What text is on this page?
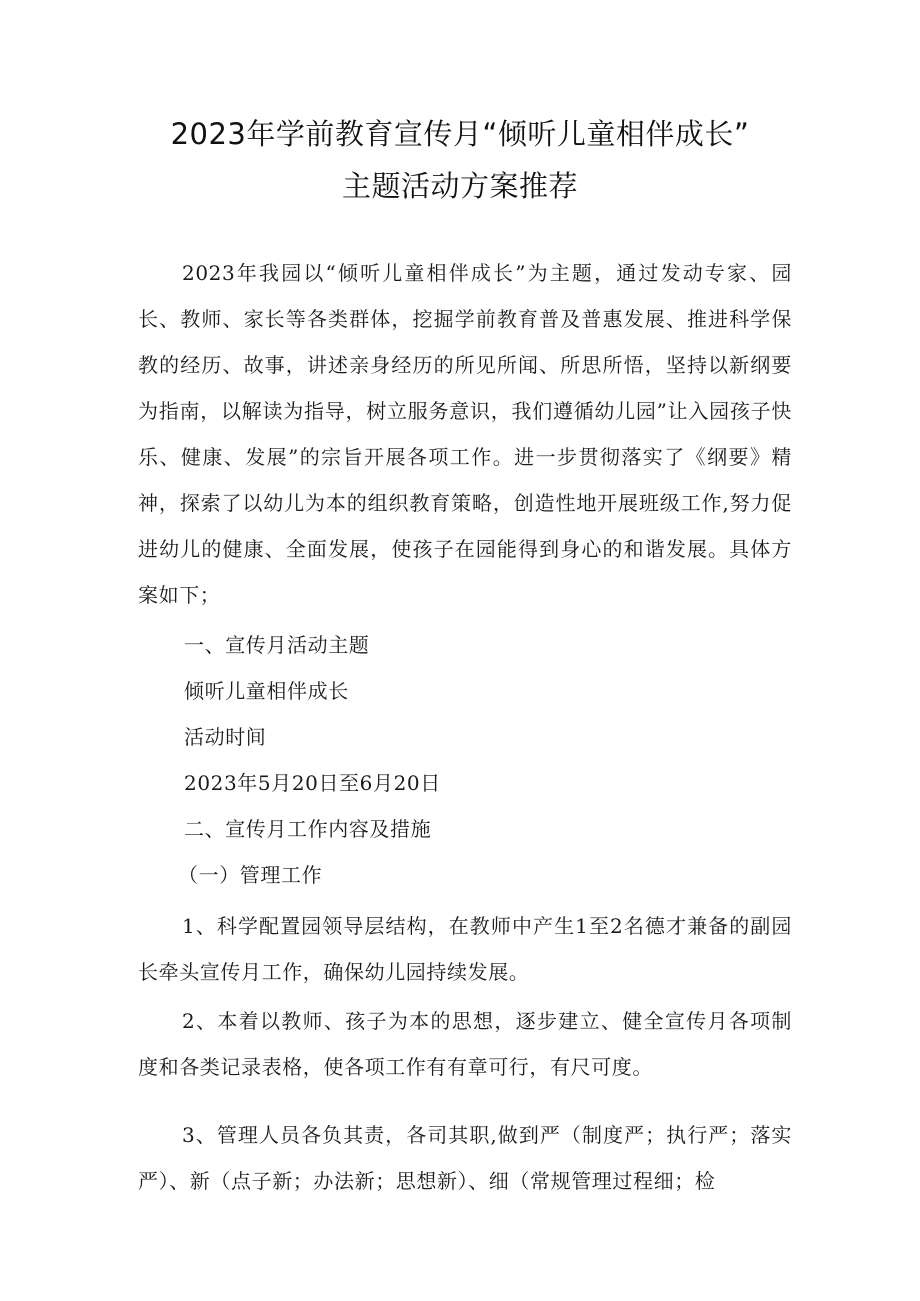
2023年学前教育宣传月“倾听儿童相伴成长”
主题活动方案推荐

2023年我园以“倾听儿童相伴成长”为主题，通过发动专家、园长、教师、家长等各类群体，挖掘学前教育普及普惠发展、推进科学保教的经历、故事，讲述亲身经历的所见所闻、所思所悟，坚持以新纲要为指南，以解读为指导，树立服务意识，我们遵循幼儿园”让入园孩子快乐、健康、发展”的宗旨开展各项工作。进一步贯彻落实了《纲要》精神，探索了以幼儿为本的组织教育策略，创造性地开展班级工作,努力促进幼儿的健康、全面发展，使孩子在园能得到身心的和谐发展。具体方案如下；

一、宣传月活动主题

倾听儿童相伴成长

活动时间

2023年5月20日至6月20日

二、宣传月工作内容及措施

（一）管理工作

1、科学配置园领导层结构，在教师中产生1至2名德才兼备的副园长牵头宣传月工作，确保幼儿园持续发展。

2、本着以教师、孩子为本的思想，逐步建立、健全宣传月各项制度和各类记录表格，使各项工作有有章可行，有尺可度。

3、管理人员各负其责，各司其职,做到严（制度严；执行严；落实严）、新（点子新；办法新；思想新）、细（常规管理过程细；检
